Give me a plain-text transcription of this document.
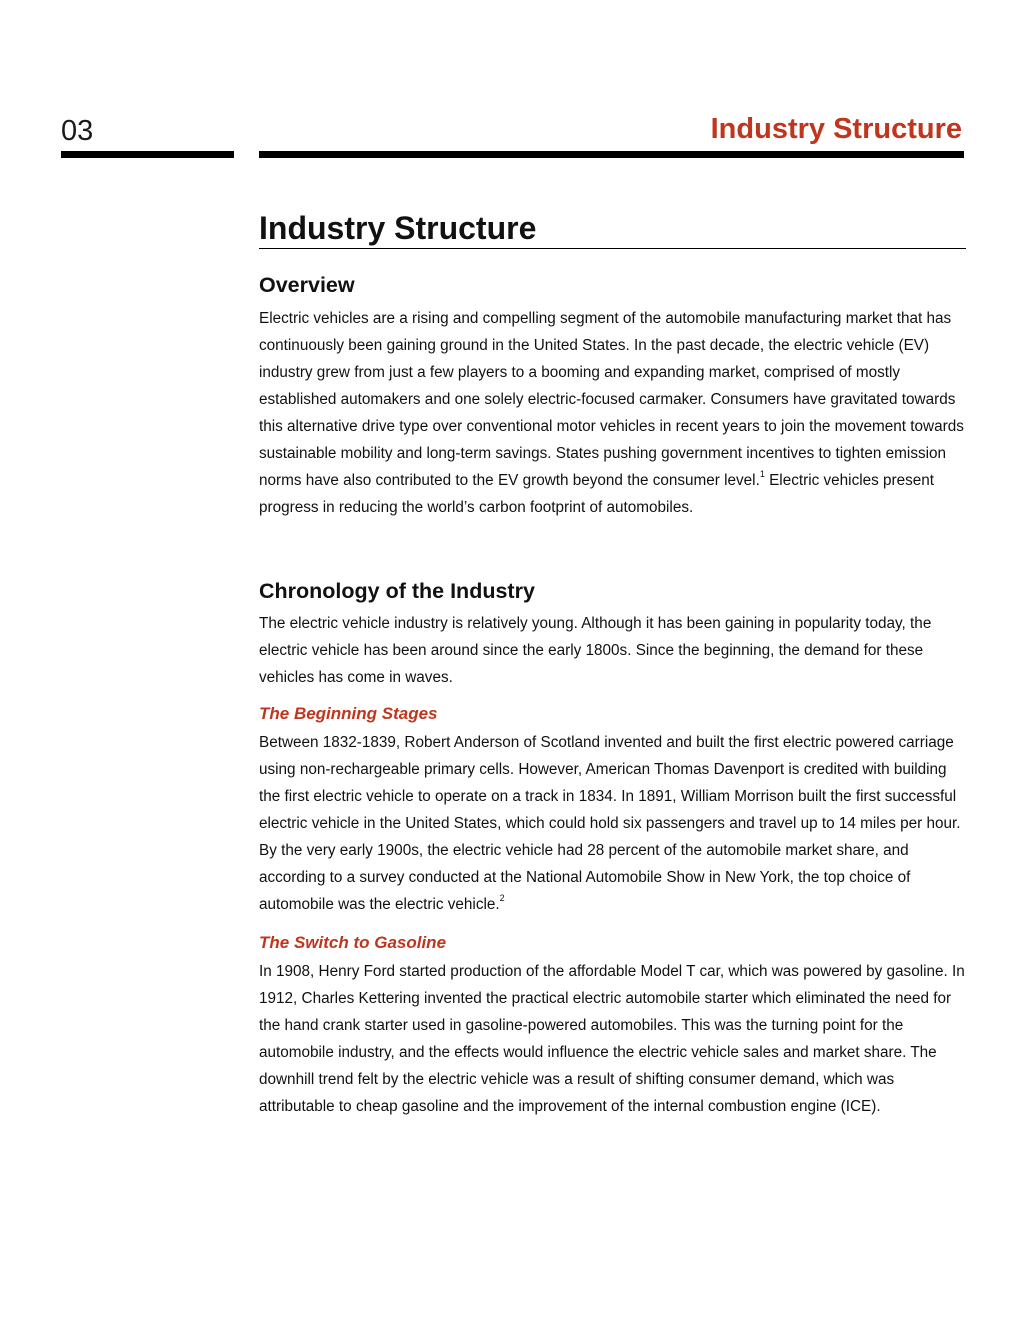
03	Industry Structure
Industry Structure
Overview

Electric vehicles are a rising and compelling segment of the automobile manufacturing market that has continuously been gaining ground in the United States. In the past decade, the electric vehicle (EV) industry grew from just a few players to a booming and expanding market, comprised of mostly established automakers and one solely electric-focused carmaker. Consumers have gravitated towards this alternative drive type over conventional motor vehicles in recent years to join the movement towards sustainable mobility and long-term savings. States pushing government incentives to tighten emission norms have also contributed to the EV growth beyond the consumer level.$^1$ Electric vehicles present progress in reducing the world’s carbon footprint of automobiles.

Chronology of the Industry

The electric vehicle industry is relatively young. Although it has been gaining in popularity today, the electric vehicle has been around since the early 1800s. Since the beginning, the demand for these vehicles has come in waves.

The Beginning Stages

Between 1832-1839, Robert Anderson of Scotland invented and built the first electric powered carriage using non-rechargeable primary cells. However, American Thomas Davenport is credited with building the first electric vehicle to operate on a track in 1834. In 1891, William Morrison built the first successful electric vehicle in the United States, which could hold six passengers and travel up to 14 miles per hour. By the very early 1900s, the electric vehicle had 28 percent of the automobile market share, and according to a survey conducted at the National Automobile Show in New York, the top choice of automobile was the electric vehicle.$^2$

The Switch to Gasoline

In 1908, Henry Ford started production of the affordable Model T car, which was powered by gasoline. In 1912, Charles Kettering invented the practical electric automobile starter which eliminated the need for the hand crank starter used in gasoline-powered automobiles. This was the turning point for the automobile industry, and the effects would influence the electric vehicle sales and market share. The downhill trend felt by the electric vehicle was a result of shifting consumer demand, which was attributable to cheap gasoline and the improvement of the internal combustion engine (ICE).
